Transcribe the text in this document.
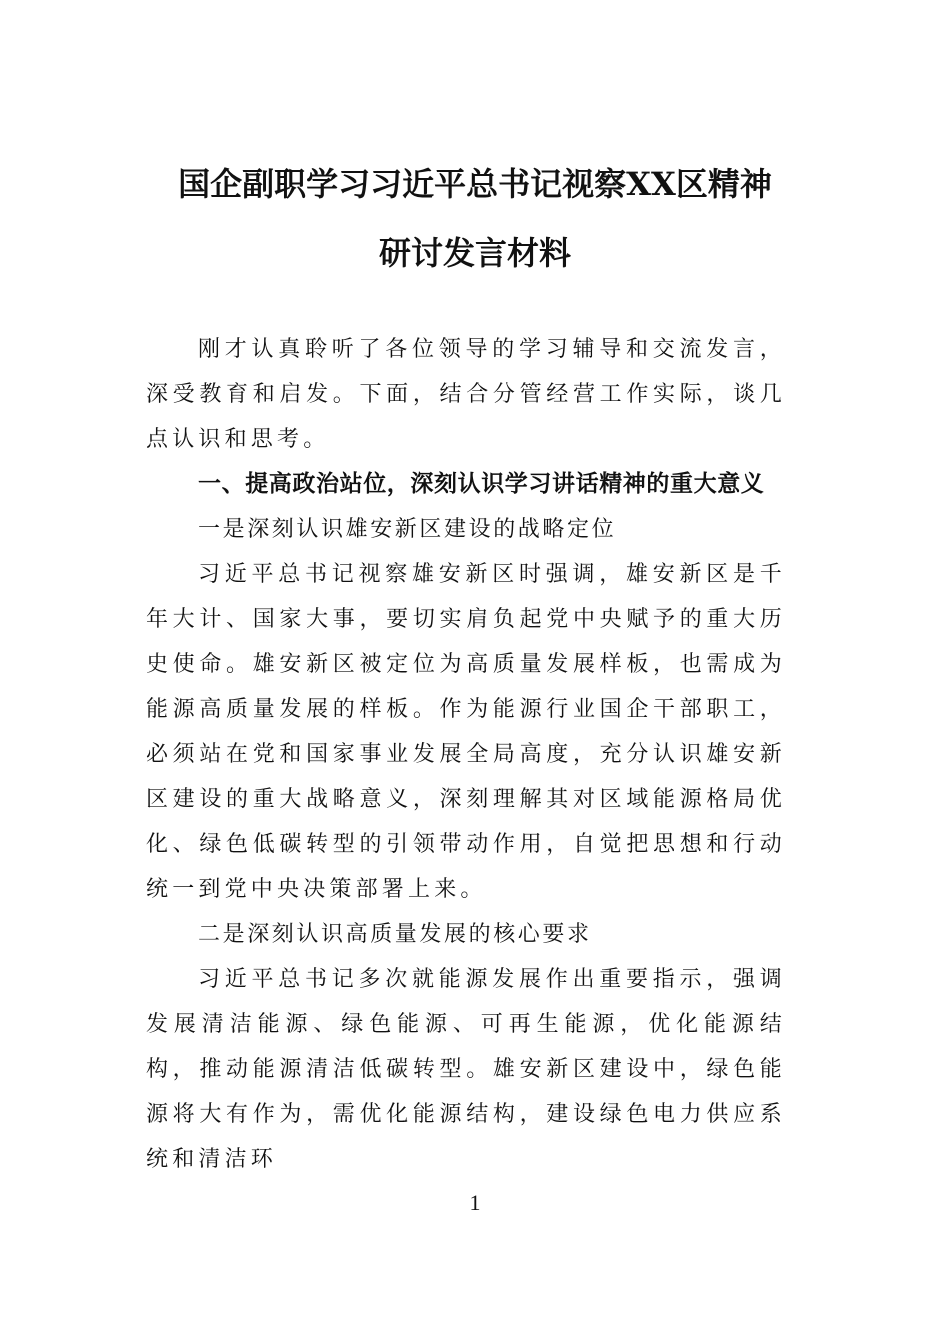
国企副职学习习近平总书记视察XX区精神
研讨发言材料

刚才认真聆听了各位领导的学习辅导和交流发言，深受教育和启发。下面，结合分管经营工作实际，谈几点认识和思考。

一、提高政治站位，深刻认识学习讲话精神的重大意义

一是深刻认识雄安新区建设的战略定位

习近平总书记视察雄安新区时强调，雄安新区是千年大计、国家大事，要切实肩负起党中央赋予的重大历史使命。雄安新区被定位为高质量发展样板，也需成为能源高质量发展的样板。作为能源行业国企干部职工，必须站在党和国家事业发展全局高度，充分认识雄安新区建设的重大战略意义，深刻理解其对区域能源格局优化、绿色低碳转型的引领带动作用，自觉把思想和行动统一到党中央决策部署上来。

二是深刻认识高质量发展的核心要求

习近平总书记多次就能源发展作出重要指示，强调发展清洁能源、绿色能源、可再生能源，优化能源结构，推动能源清洁低碳转型。雄安新区建设中，绿色能源将大有作为，需优化能源结构，建设绿色电力供应系统和清洁环

1
